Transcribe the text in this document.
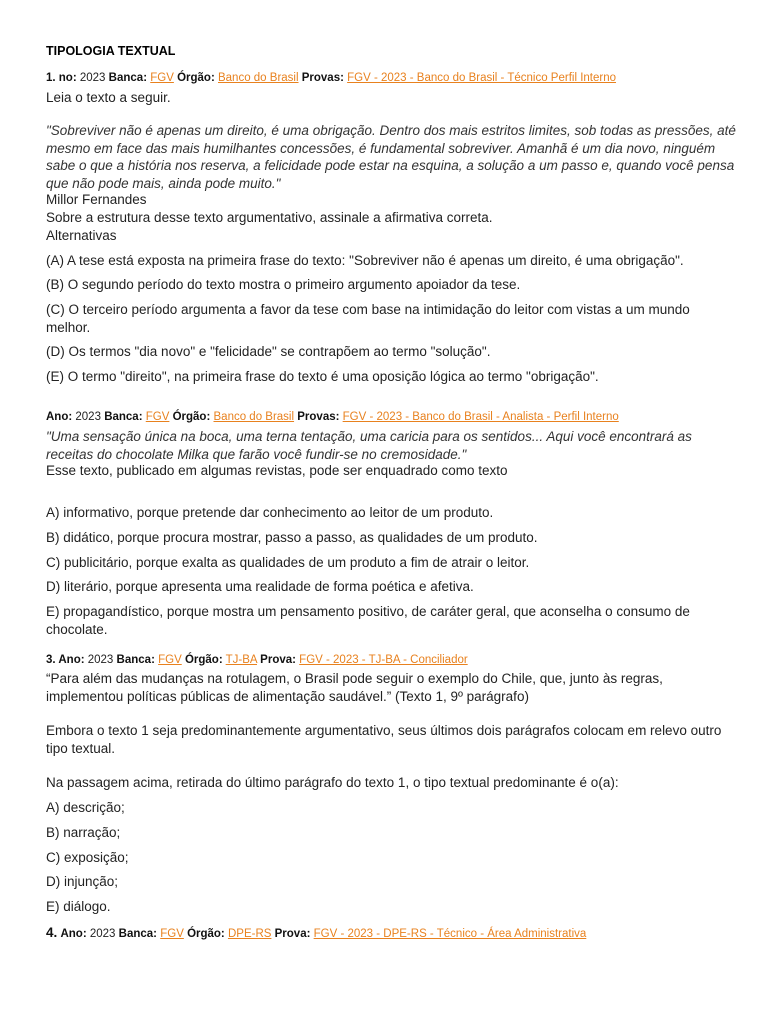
TIPOLOGIA TEXTUAL
1. no: 2023 Banca: FGV Órgão: Banco do Brasil Provas: FGV - 2023 - Banco do Brasil - Técnico Perfil Interno
Leia o texto a seguir.
"Sobreviver não é apenas um direito, é uma obrigação. Dentro dos mais estritos limites, sob todas as pressões, até mesmo em face das mais humilhantes concessões, é fundamental sobreviver. Amanhã é um dia novo, ninguém sabe o que a história nos reserva, a felicidade pode estar na esquina, a solução a um passo e, quando você pensa que não pode mais, ainda pode muito."
Millor Fernandes
Sobre a estrutura desse texto argumentativo, assinale a afirmativa correta.
Alternativas
(A) A tese está exposta na primeira frase do texto: "Sobreviver não é apenas um direito, é uma obrigação".
(B) O segundo período do texto mostra o primeiro argumento apoiador da tese.
(C) O terceiro período argumenta a favor da tese com base na intimidação do leitor com vistas a um mundo melhor.
(D) Os termos "dia novo" e "felicidade" se contrapõem ao termo "solução".
(E) O termo "direito", na primeira frase do texto é uma oposição lógica ao termo "obrigação".
Ano: 2023 Banca: FGV Órgão: Banco do Brasil Provas: FGV - 2023 - Banco do Brasil - Analista - Perfil Interno
"Uma sensação única na boca, uma terna tentação, uma caricia para os sentidos... Aqui você encontrará as receitas do chocolate Milka que farão você fundir-se no cremosidade."
Esse texto, publicado em algumas revistas, pode ser enquadrado como texto
A) informativo, porque pretende dar conhecimento ao leitor de um produto.
B) didático, porque procura mostrar, passo a passo, as qualidades de um produto.
C) publicitário, porque exalta as qualidades de um produto a fim de atrair o leitor.
D) literário, porque apresenta uma realidade de forma poética e afetiva.
E) propagandístico, porque mostra um pensamento positivo, de caráter geral, que aconselha o consumo de chocolate.
3. Ano: 2023 Banca: FGV Órgão: TJ-BA Prova: FGV - 2023 - TJ-BA - Conciliador
“Para além das mudanças na rotulagem, o Brasil pode seguir o exemplo do Chile, que, junto às regras, implementou políticas públicas de alimentação saudável.” (Texto 1, 9º parágrafo)
Embora o texto 1 seja predominantemente argumentativo, seus últimos dois parágrafos colocam em relevo outro tipo textual.
Na passagem acima, retirada do último parágrafo do texto 1, o tipo textual predominante é o(a):
A) descrição;
B) narração;
C) exposição;
D) injunção;
E) diálogo.
4. Ano: 2023 Banca: FGV Órgão: DPE-RS Prova: FGV - 2023 - DPE-RS - Técnico - Área Administrativa
